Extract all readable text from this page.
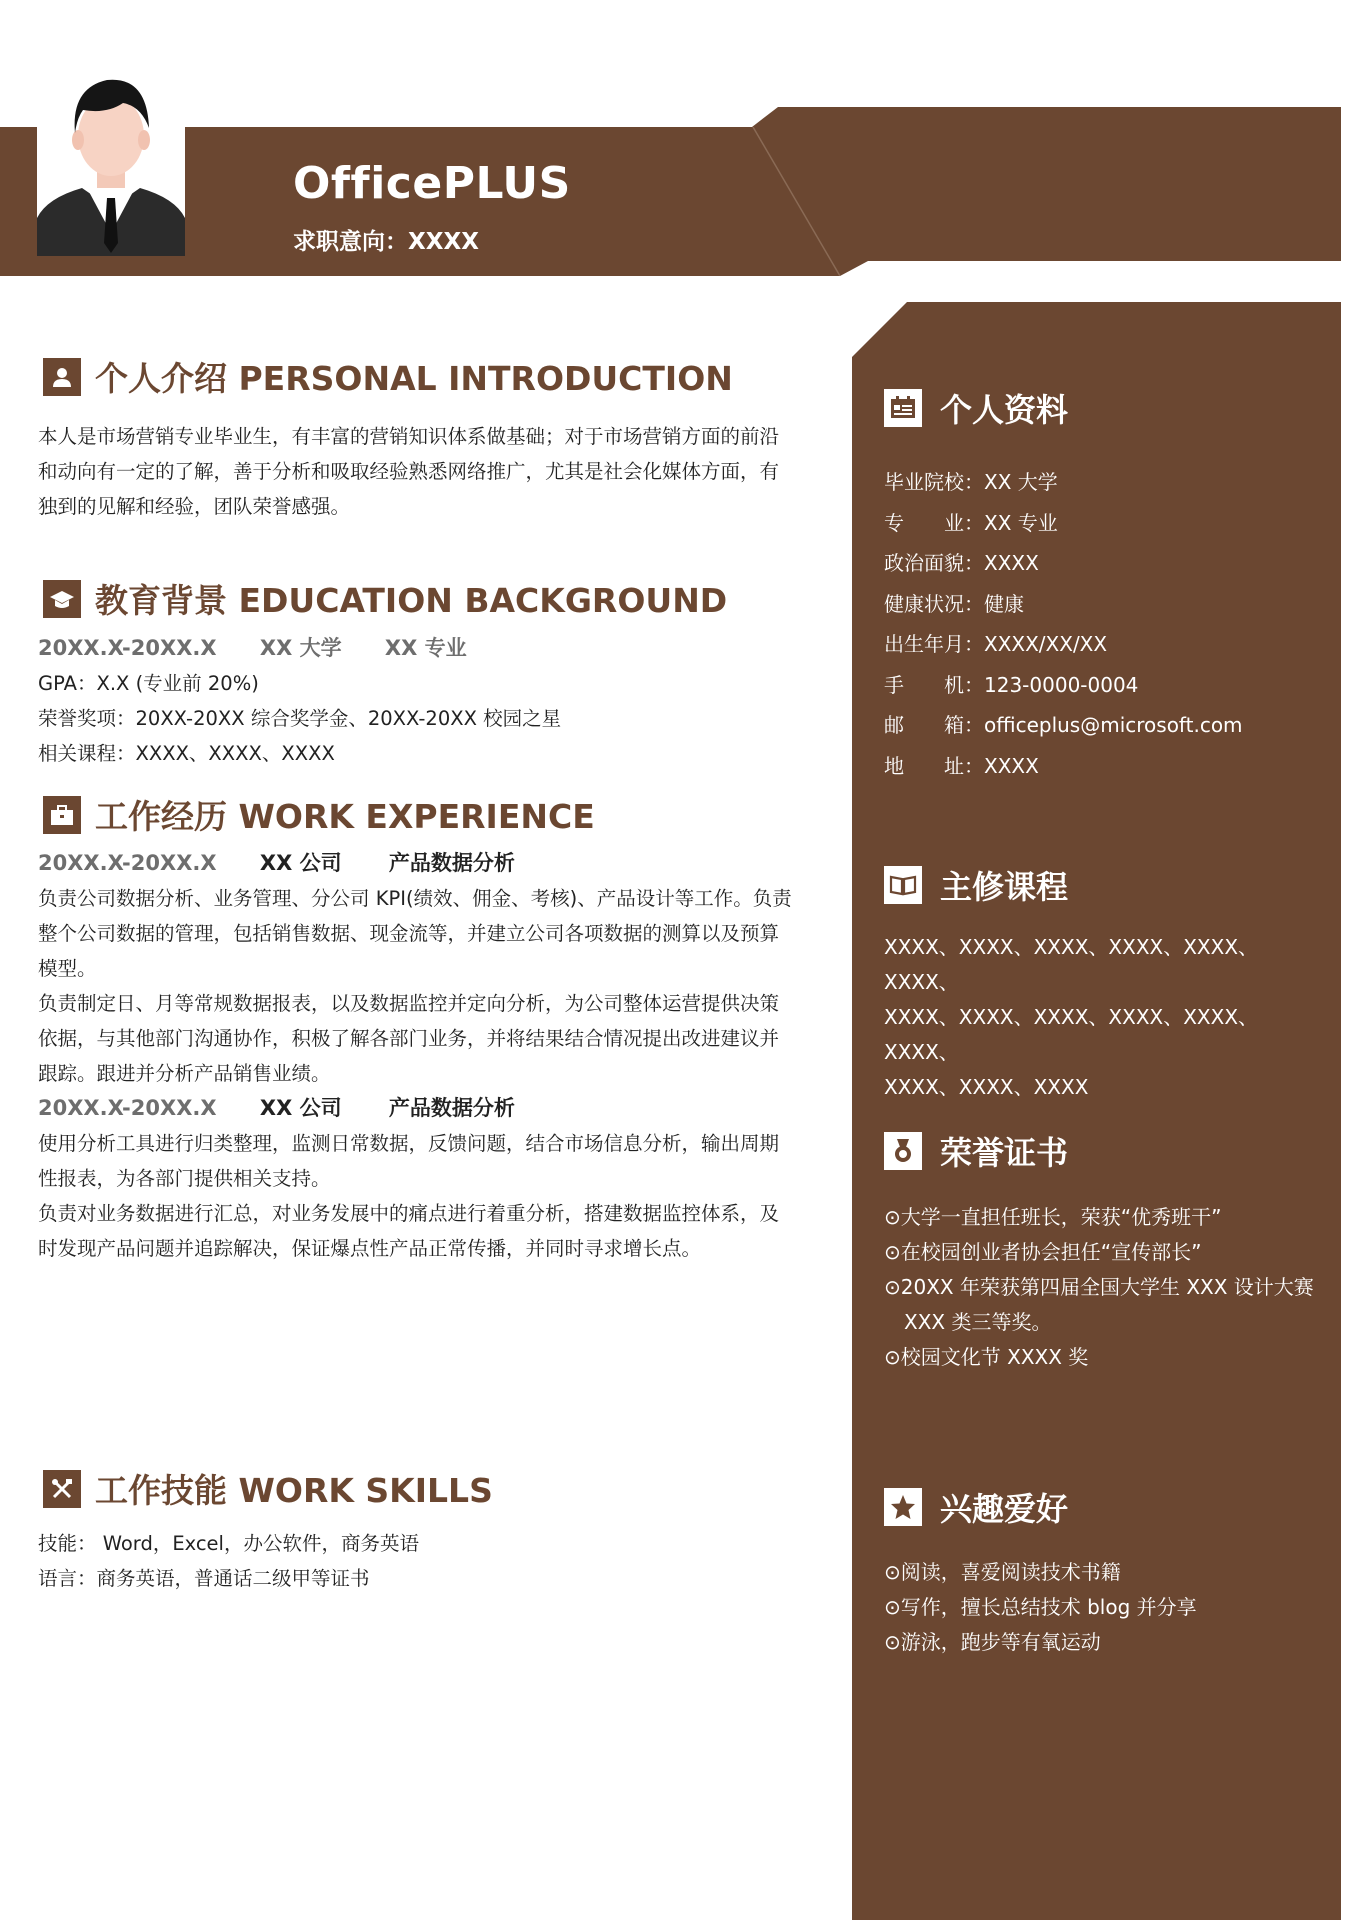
OfficePLUS
求职意向：XXXX
个人资料
毕业院校： XX 大学
专　　业： XX 专业
政治面貌： XXXX
健康状况： 健康
出生年月： XXXX/XX/XX
手　　机： 123-0000-0004
邮　　箱： officeplus@microsoft.com
地　　址： XXXX
主修课程
XXXX、XXXX、XXXX、XXXX、XXXX、XXXX、
XXXX、XXXX、XXXX、XXXX、XXXX、XXXX、
XXXX、XXXX、XXXX
荣誉证书
⊙大学一直担任班长，荣获“优秀班干”
⊙在校园创业者协会担任“宣传部长”
⊙20XX 年荣获第四届全国大学生 XXX 设计大赛 XXX 类三等奖。
⊙校园文化节 XXXX 奖
兴趣爱好
⊙阅读，喜爱阅读技术书籍
⊙写作，擅长总结技术 blog 并分享
⊙游泳，跑步等有氧运动
个人介绍 PERSONAL INTRODUCTION
本人是市场营销专业毕业生，有丰富的营销知识体系做基础；对于市场营销方面的前沿
和动向有一定的了解，善于分析和吸取经验熟悉网络推广，尤其是社会化媒体方面，有
独到的见解和经验，团队荣誉感强。
教育背景 EDUCATION BACKGROUND
20XX.X-20XX.X XX 大学 XX 专业
GPA：X.X (专业前 20%)
荣誉奖项：20XX-20XX 综合奖学金、20XX-20XX 校园之星
相关课程：XXXX、XXXX、XXXX
工作经历 WORK EXPERIENCE
20XX.X-20XX.X XX 公司 产品数据分析
负责公司数据分析、业务管理、分公司 KPI(绩效、佣金、考核)、产品设计等工作。负责
整个公司数据的管理，包括销售数据、现金流等，并建立公司各项数据的测算以及预算
模型。
负责制定日、月等常规数据报表，以及数据监控并定向分析，为公司整体运营提供决策
依据，与其他部门沟通协作，积极了解各部门业务，并将结果结合情况提出改进建议并
跟踪。跟进并分析产品销售业绩。
20XX.X-20XX.X XX 公司 产品数据分析
使用分析工具进行归类整理，监测日常数据，反馈问题，结合市场信息分析，输出周期
性报表，为各部门提供相关支持。
负责对业务数据进行汇总，对业务发展中的痛点进行着重分析，搭建数据监控体系，及
时发现产品问题并追踪解决，保证爆点性产品正常传播，并同时寻求增长点。
工作技能 WORK SKILLS
技能： Word，Excel，办公软件，商务英语
语言：商务英语，普通话二级甲等证书
